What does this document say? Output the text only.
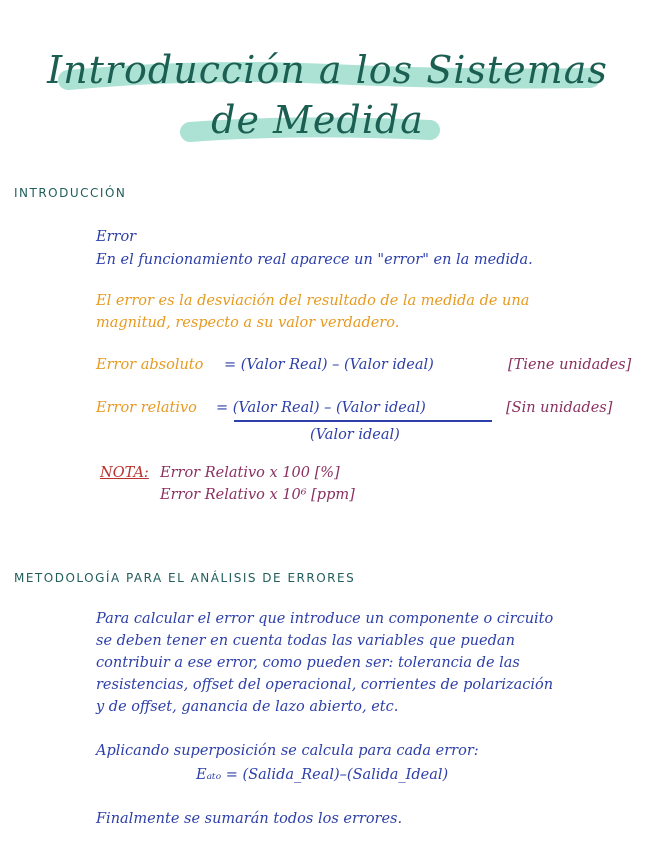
Introducción a los Sistemas
de Medida
INTRODUCCIÓN
Error
En el funcionamiento real aparece un "error" en la medida.
El error es la desviación del resultado de la medida de una
magnitud, respecto a su valor verdadero.
Error absoluto = (Valor Real) – (Valor ideal)	[Tiene unidades]
Error relativo = (Valor Real) – (Valor ideal)
(Valor ideal)
[Sin unidades]
NOTA: Error Relativo x 100 [%]
Error Relativo x 10⁶ [ppm]
METODOLOGÍA PARA EL ANÁLISIS DE ERRORES
Para calcular el error que introduce un componente o circuito
se deben tener en cuenta todas las variables que puedan
contribuir a ese error, como pueden ser: tolerancia de las
resistencias, offset del operacional, corrientes de polarización
y de offset, ganancia de lazo abierto, etc.
Aplicando superposición se calcula para cada error:
Eₐₜₒ = (Salida_Real)–(Salida_Ideal)
Finalmente se sumarán todos los errores.
